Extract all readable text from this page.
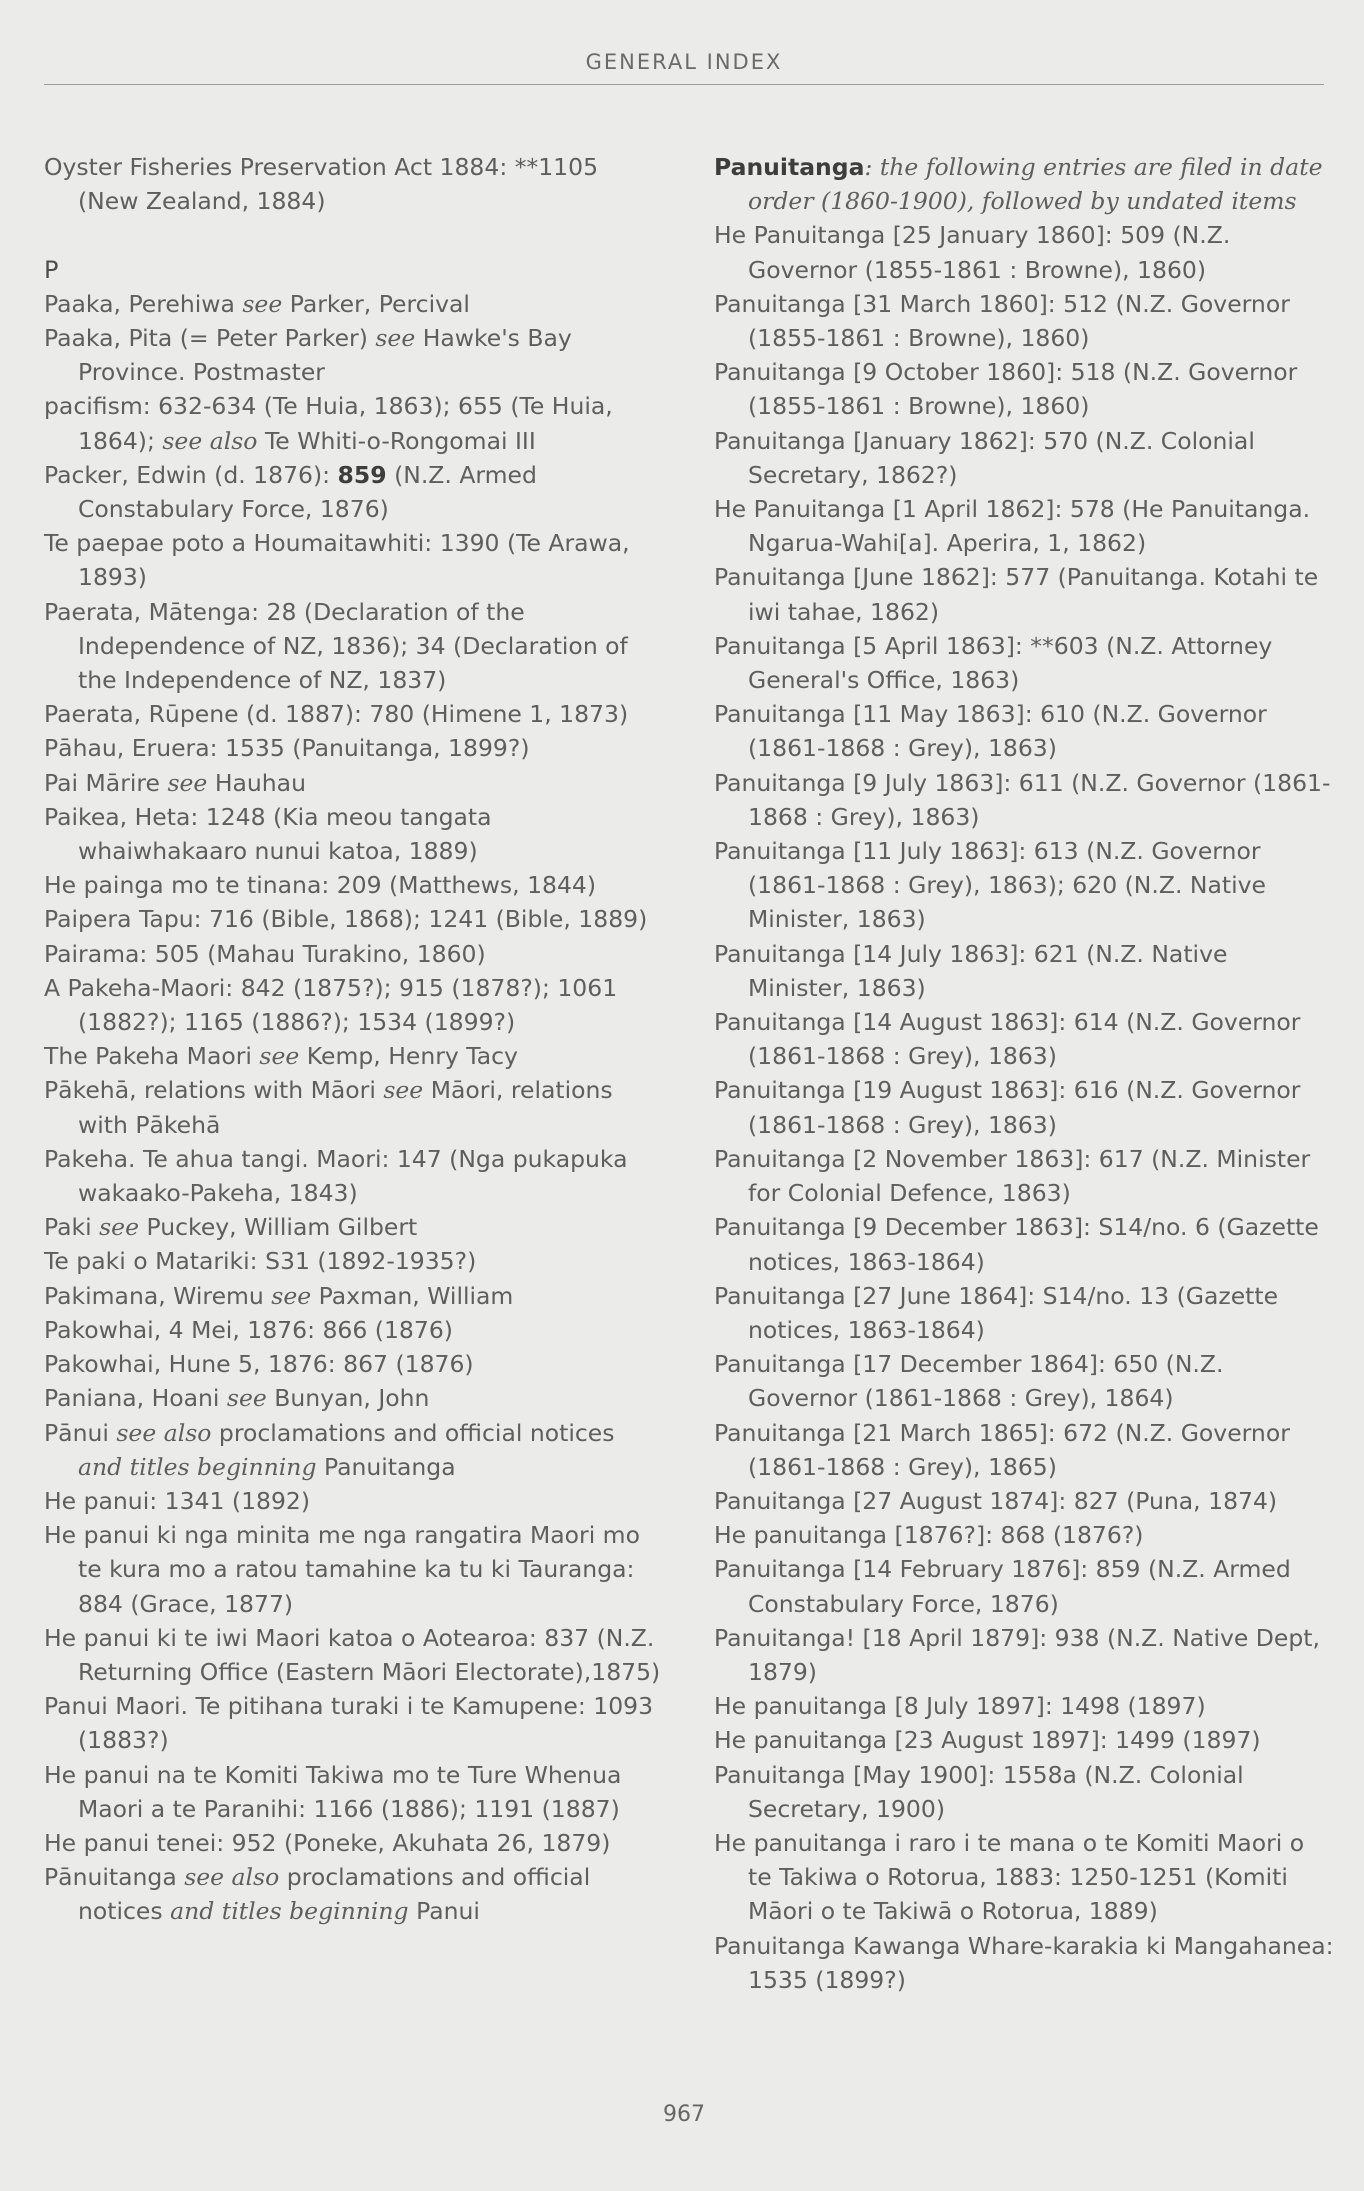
GENERAL INDEX

Oyster Fisheries Preservation Act 1884: **1105 (New Zealand, 1884)

P

Paaka, Perehiwa see Parker, Percival

Paaka, Pita (= Peter Parker) see Hawke's Bay Province. Postmaster

pacifism: 632-634 (Te Huia, 1863); 655 (Te Huia, 1864); see also Te Whiti-o-Rongomai III

Packer, Edwin (d. 1876): 859 (N.Z. Armed Constabulary Force, 1876)

Te paepae poto a Houmaitawhiti: 1390 (Te Arawa, 1893)

Paerata, Mātenga: 28 (Declaration of the Independence of NZ, 1836); 34 (Declaration of the Independence of NZ, 1837)

Paerata, Rūpene (d. 1887): 780 (Himene 1, 1873)

Pāhau, Eruera: 1535 (Panuitanga, 1899?)

Pai Mārire see Hauhau

Paikea, Heta: 1248 (Kia meou tangata whaiwhakaaro nunui katoa, 1889)

He painga mo te tinana: 209 (Matthews, 1844)

Paipera Tapu: 716 (Bible, 1868); 1241 (Bible, 1889)

Pairama: 505 (Mahau Turakino, 1860)

A Pakeha-Maori: 842 (1875?); 915 (1878?); 1061 (1882?); 1165 (1886?); 1534 (1899?)

The Pakeha Maori see Kemp, Henry Tacy

Pākehā, relations with Māori see Māori, relations with Pākehā

Pakeha. Te ahua tangi. Maori: 147 (Nga pukapuka wakaako-Pakeha, 1843)

Paki see Puckey, William Gilbert

Te paki o Matariki: S31 (1892-1935?)

Pakimana, Wiremu see Paxman, William

Pakowhai, 4 Mei, 1876: 866 (1876)

Pakowhai, Hune 5, 1876: 867 (1876)

Paniana, Hoani see Bunyan, John

Pānui see also proclamations and official notices and titles beginning Panuitanga

He panui: 1341 (1892)

He panui ki nga minita me nga rangatira Maori mo te kura mo a ratou tamahine ka tu ki Tauranga: 884 (Grace, 1877)

He panui ki te iwi Maori katoa o Aotearoa: 837 (N.Z. Returning Office (Eastern Māori Electorate),1875)

Panui Maori. Te pitihana turaki i te Kamupene: 1093 (1883?)

He panui na te Komiti Takiwa mo te Ture Whenua Maori a te Paranihi: 1166 (1886); 1191 (1887)

He panui tenei: 952 (Poneke, Akuhata 26, 1879)

Pānuitanga see also proclamations and official notices and titles beginning Panui

Panuitanga: the following entries are filed in date order (1860-1900), followed by undated items

He Panuitanga [25 January 1860]: 509 (N.Z. Governor (1855-1861 : Browne), 1860)

Panuitanga [31 March 1860]: 512 (N.Z. Governor (1855-1861 : Browne), 1860)

Panuitanga [9 October 1860]: 518 (N.Z. Governor (1855-1861 : Browne), 1860)

Panuitanga [January 1862]: 570 (N.Z. Colonial Secretary, 1862?)

He Panuitanga [1 April 1862]: 578 (He Panuitanga. Ngarua-Wahi[a]. Aperira, 1, 1862)

Panuitanga [June 1862]: 577 (Panuitanga. Kotahi te iwi tahae, 1862)

Panuitanga [5 April 1863]: **603 (N.Z. Attorney General's Office, 1863)

Panuitanga [11 May 1863]: 610 (N.Z. Governor (1861-1868 : Grey), 1863)

Panuitanga [9 July 1863]: 611 (N.Z. Governor (1861-1868 : Grey), 1863)

Panuitanga [11 July 1863]: 613 (N.Z. Governor (1861-1868 : Grey), 1863); 620 (N.Z. Native Minister, 1863)

Panuitanga [14 July 1863]: 621 (N.Z. Native Minister, 1863)

Panuitanga [14 August 1863]: 614 (N.Z. Governor (1861-1868 : Grey), 1863)

Panuitanga [19 August 1863]: 616 (N.Z. Governor (1861-1868 : Grey), 1863)

Panuitanga [2 November 1863]: 617 (N.Z. Minister for Colonial Defence, 1863)

Panuitanga [9 December 1863]: S14/no. 6 (Gazette notices, 1863-1864)

Panuitanga [27 June 1864]: S14/no. 13 (Gazette notices, 1863-1864)

Panuitanga [17 December 1864]: 650 (N.Z. Governor (1861-1868 : Grey), 1864)

Panuitanga [21 March 1865]: 672 (N.Z. Governor (1861-1868 : Grey), 1865)

Panuitanga [27 August 1874]: 827 (Puna, 1874)

He panuitanga [1876?]: 868 (1876?)

Panuitanga [14 February 1876]: 859 (N.Z. Armed Constabulary Force, 1876)

Panuitanga! [18 April 1879]: 938 (N.Z. Native Dept, 1879)

He panuitanga [8 July 1897]: 1498 (1897)

He panuitanga [23 August 1897]: 1499 (1897)

Panuitanga [May 1900]: 1558a (N.Z. Colonial Secretary, 1900)

He panuitanga i raro i te mana o te Komiti Maori o te Takiwa o Rotorua, 1883: 1250-1251 (Komiti Māori o te Takiwā o Rotorua, 1889)

Panuitanga Kawanga Whare-karakia ki Mangahanea: 1535 (1899?)

967
